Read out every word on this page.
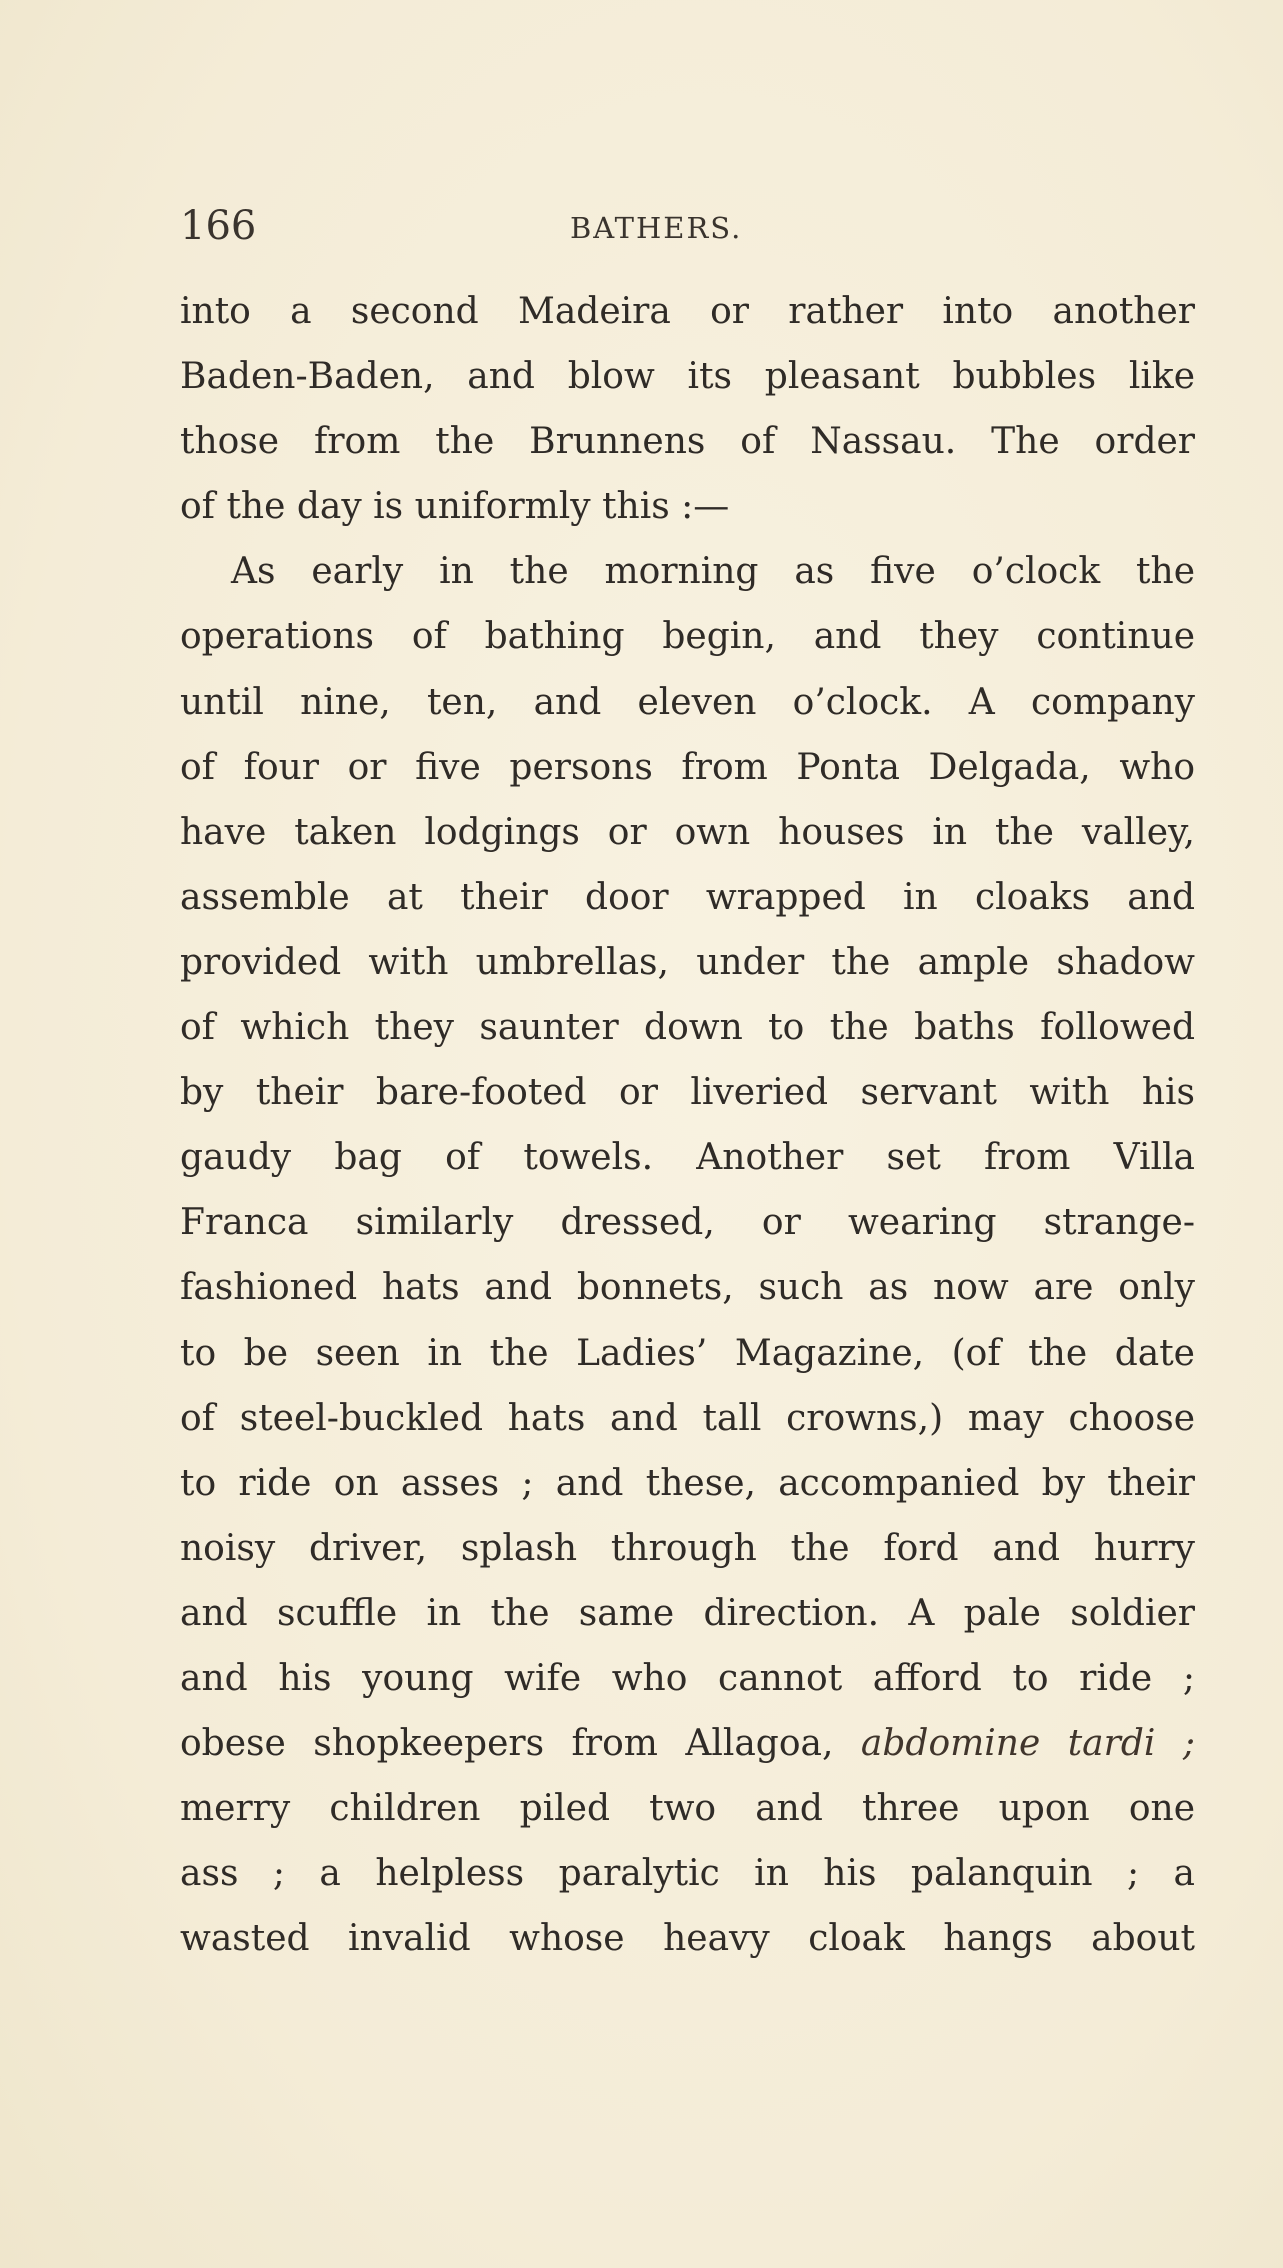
166	BATHERS.
into a second Madeira or rather into another
Baden-Baden, and blow its pleasant bubbles like
those from the Brunnens of Nassau. The order
of the day is uniformly this :—
As early in the morning as five o’clock the
operations of bathing begin, and they continue
until nine, ten, and eleven o’clock. A company
of four or five persons from Ponta Delgada, who
have taken lodgings or own houses in the valley,
assemble at their door wrapped in cloaks and
provided with umbrellas, under the ample shadow
of which they saunter down to the baths followed
by their bare-footed or liveried servant with his
gaudy bag of towels. Another set from Villa
Franca similarly dressed, or wearing strange-
fashioned hats and bonnets, such as now are only
to be seen in the Ladies’ Magazine, (of the date
of steel-buckled hats and tall crowns,) may choose
to ride on asses ; and these, accompanied by their
noisy driver, splash through the ford and hurry
and scuffle in the same direction. A pale soldier
and his young wife who cannot afford to ride ;
obese shopkeepers from Allagoa, abdomine tardi ;
merry children piled two and three upon one
ass ; a helpless paralytic in his palanquin ; a
wasted invalid whose heavy cloak hangs about
